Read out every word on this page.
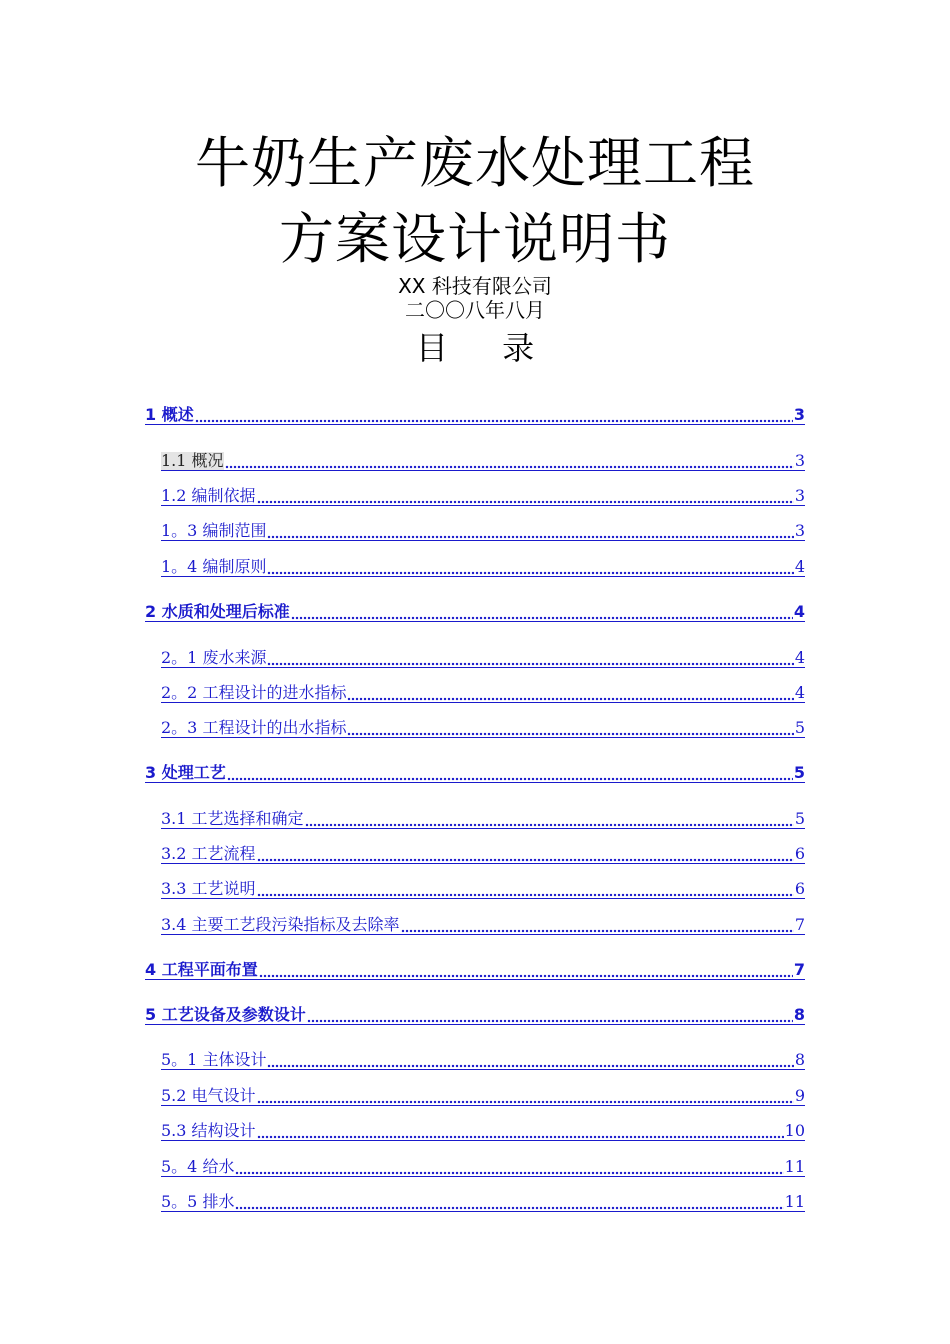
牛奶生产废水处理工程
方案设计说明书
XX 科技有限公司
二〇〇八年八月
目 录
1 概述	3
1.1 概况	3
1.2 编制依据	3
1。3 编制范围	3
1。4 编制原则	4
2 水质和处理后标准	4
2。1 废水来源	4
2。2 工程设计的进水指标	4
2。3 工程设计的出水指标	5
3 处理工艺	5
3.1 工艺选择和确定	5
3.2 工艺流程	6
3.3 工艺说明	6
3.4 主要工艺段污染指标及去除率	7
4 工程平面布置	7
5 工艺设备及参数设计	8
5。1 主体设计	8
5.2 电气设计	9
5.3 结构设计	10
5。4 给水	11
5。5 排水	11
